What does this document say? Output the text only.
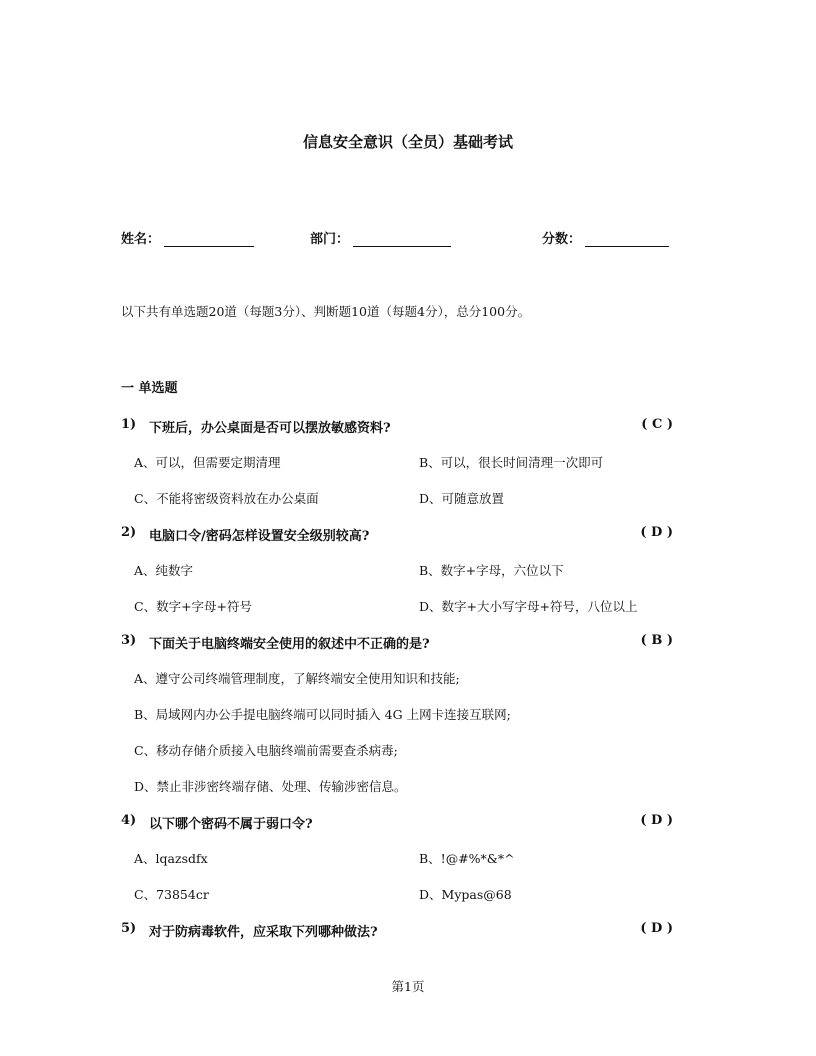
信息安全意识（全员）基础考试
姓名：	部门：	分数：
以下共有单选题20道（每题3分）、判断题10道（每题4分），总分100分。
一 单选题
1) 下班后，办公桌面是否可以摆放敏感资料?	( C )
A、可以，但需要定期清理	B、可以，很长时间清理一次即可
C、不能将密级资料放在办公桌面	D、可随意放置
2) 电脑口令/密码怎样设置安全级别较高?	( D )
A、纯数字	B、数字+字母，六位以下
C、数字+字母+符号	D、数字+大小写字母+符号，八位以上
3) 下面关于电脑终端安全使用的叙述中不正确的是?	( B )
A、遵守公司终端管理制度，了解终端安全使用知识和技能;
B、局域网内办公手提电脑终端可以同时插入 4G 上网卡连接互联网;
C、移动存储介质接入电脑终端前需要查杀病毒;
D、禁止非涉密终端存储、处理、传输涉密信息。
4) 以下哪个密码不属于弱口令?	( D )
A、lqazsdfx	B、!@#%*&*^
C、73854cr	D、Mypas@68
5) 对于防病毒软件，应采取下列哪种做法?	( D )
第1页
